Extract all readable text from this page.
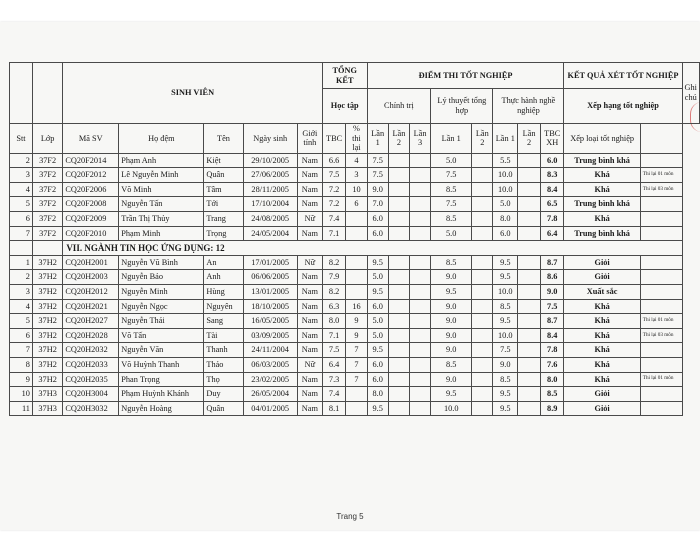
		SINH VIÊN					TỔNG KẾT		ĐIỂM THI TỐT NGHIỆP								KẾT QUẢ XÉT TỐT NGHIỆP		Ghi chú
							Học tập		Chính trị			Lý thuyết tổng hợp		Thực hành nghề nghiệp			Xếp hạng tốt nghiệp		
Stt	Lớp	Mã SV	Họ đệm	Tên	Ngày sinh	Giới tính	TBC	% thi lại	Lần 1	Lần 2	Lần 3	Lần 1	Lần 2	Lần 1	Lần 2	TBC XH	Xếp loại tốt nghiệp		
2	37F2	CQ20F2014	Phạm Anh	Kiệt	29/10/2005	Nam	6.6	4	7.5			5.0		5.5		6.0	Trung bình khá		
3	37F2	CQ20F2012	Lê Nguyễn Minh	Quân	27/06/2005	Nam	7.5	3	7.5			7.5		10.0		8.3	Khá	Thi lại 01 môn	
4	37F2	CQ20F2006	Võ Minh	Tâm	28/11/2005	Nam	7.2	10	9.0			8.5		10.0		8.4	Khá	Thi lại 03 môn	
5	37F2	CQ20F2008	Nguyễn Tấn	Tới	17/10/2004	Nam	7.2	6	7.0			7.5		5.0		6.5	Trung bình khá		
6	37F2	CQ20F2009	Trần Thị Thủy	Trang	24/08/2005	Nữ	7.4		6.0			8.5		8.0		7.8	Khá		
7	37F2	CQ20F2010	Phạm Minh	Trọng	24/05/2004	Nam	7.1		6.0			5.0		6.0		6.4	Trung bình khá		
		VII. NGÀNH TIN HỌC ỨNG DỤNG: 12																	
1	37H2	CQ20H2001	Nguyễn Vũ Bình	An	17/01/2005	Nữ	8.2		9.5			8.5		9.5		8.7	Giỏi		
2	37H2	CQ20H2003	Nguyễn Bảo	Anh	06/06/2005	Nam	7.9		5.0			9.0		9.5		8.6	Giỏi		
3	37H2	CQ20H2012	Nguyễn Minh	Hùng	13/01/2005	Nam	8.2		9.5			9.5		10.0		9.0	Xuất sắc		
4	37H2	CQ20H2021	Nguyễn Ngọc	Nguyên	18/10/2005	Nam	6.3	16	6.0			9.0		8.5		7.5	Khá		
5	37H2	CQ20H2027	Nguyễn Thái	Sang	16/05/2005	Nam	8.0	9	5.0			9.0		9.5		8.7	Khá	Thi lại 01 môn	
6	37H2	CQ20H2028	Võ Tấn	Tài	03/09/2005	Nam	7.1	9	5.0			9.0		10.0		8.4	Khá	Thi lại 03 môn	
7	37H2	CQ20H2032	Nguyễn Văn	Thanh	24/11/2004	Nam	7.5	7	9.5			9.0		7.5		7.8	Khá		
8	37H2	CQ20H2033	Võ Huỳnh Thanh	Thảo	06/03/2005	Nữ	6.4	7	6.0			8.5		9.0		7.6	Khá		
9	37H2	CQ20H2035	Phan Trọng	Thọ	23/02/2005	Nam	7.3	7	6.0			9.0		8.5		8.0	Khá	Thi lại 01 môn	
10	37H3	CQ20H3004	Phạm Huỳnh Khánh	Duy	26/05/2004	Nam	7.4		8.0			9.5		9.5		8.5	Giỏi		
11	37H3	CQ20H3032	Nguyễn Hoàng	Quân	04/01/2005	Nam	8.1		9.5			10.0		9.5		8.9	Giỏi		
Trang 5
